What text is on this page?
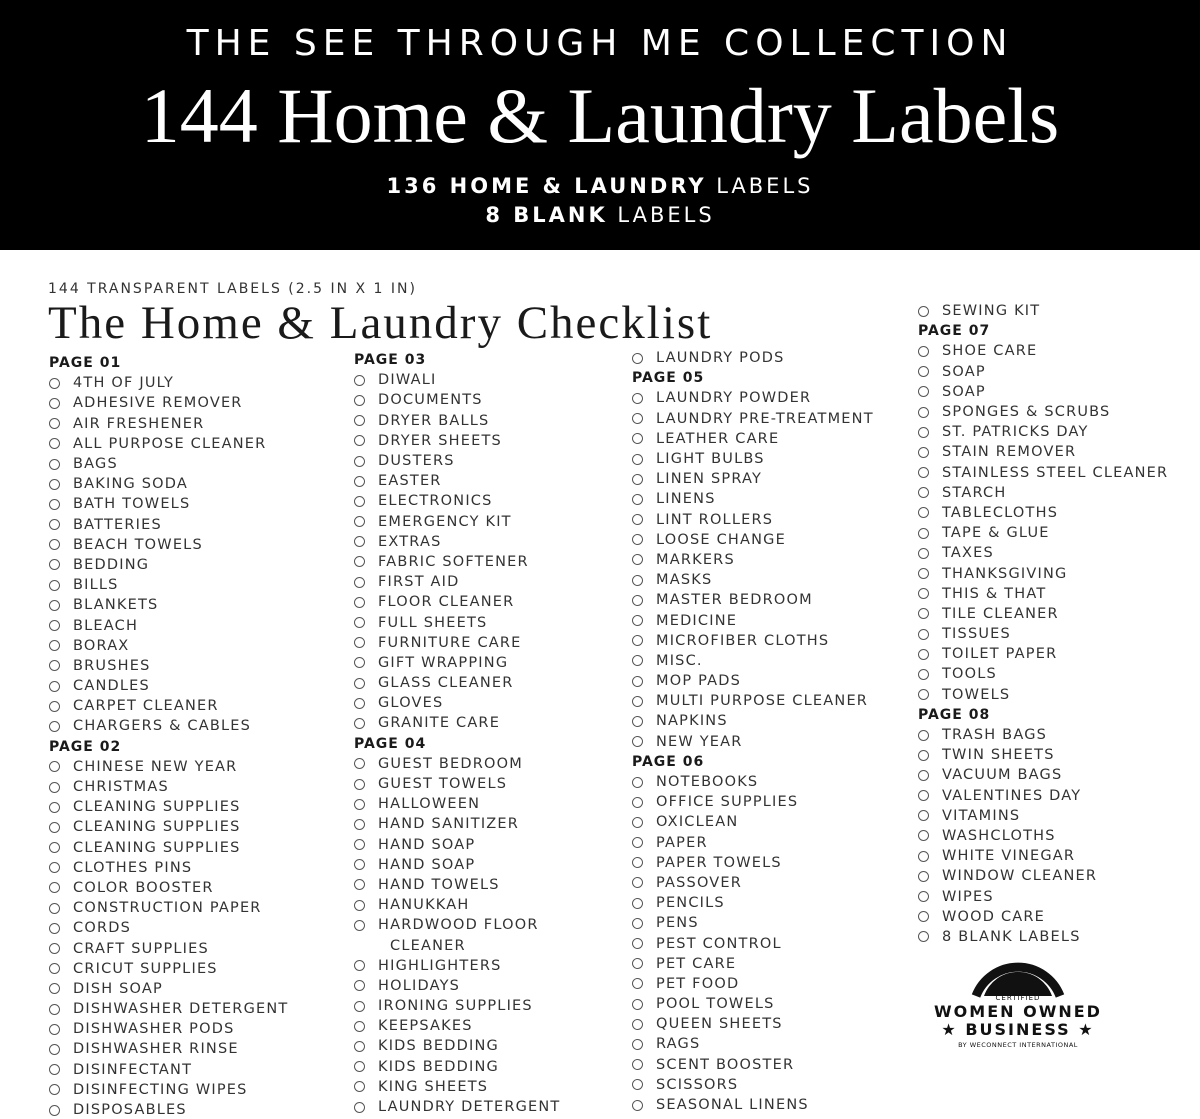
THE SEE THROUGH ME COLLECTION
144 Home & Laundry Labels
136 HOME & LAUNDRY LABELS
8 BLANK LABELS
144 TRANSPARENT LABELS (2.5 IN X 1 IN)
The Home & Laundry Checklist
PAGE 01
4TH OF JULY
ADHESIVE REMOVER
AIR FRESHENER
ALL PURPOSE CLEANER
BAGS
BAKING SODA
BATH TOWELS
BATTERIES
BEACH TOWELS
BEDDING
BILLS
BLANKETS
BLEACH
BORAX
BRUSHES
CANDLES
CARPET CLEANER
CHARGERS & CABLES
PAGE 02
CHINESE NEW YEAR
CHRISTMAS
CLEANING SUPPLIES
CLEANING SUPPLIES
CLEANING SUPPLIES
CLOTHES PINS
COLOR BOOSTER
CONSTRUCTION PAPER
CORDS
CRAFT SUPPLIES
CRICUT SUPPLIES
DISH SOAP
DISHWASHER DETERGENT
DISHWASHER PODS
DISHWASHER RINSE
DISINFECTANT
DISINFECTING WIPES
DISPOSABLES
PAGE 03
DIWALI
DOCUMENTS
DRYER BALLS
DRYER SHEETS
DUSTERS
EASTER
ELECTRONICS
EMERGENCY KIT
EXTRAS
FABRIC SOFTENER
FIRST AID
FLOOR CLEANER
FULL SHEETS
FURNITURE CARE
GIFT WRAPPING
GLASS CLEANER
GLOVES
GRANITE CARE
PAGE 04
GUEST BEDROOM
GUEST TOWELS
HALLOWEEN
HAND SANITIZER
HAND SOAP
HAND SOAP
HAND TOWELS
HANUKKAH
HARDWOOD FLOOR
CLEANER
HIGHLIGHTERS
HOLIDAYS
IRONING SUPPLIES
KEEPSAKES
KIDS BEDDING
KIDS BEDDING
KING SHEETS
LAUNDRY DETERGENT
LAUNDRY PODS
PAGE 05
LAUNDRY POWDER
LAUNDRY PRE-TREATMENT
LEATHER CARE
LIGHT BULBS
LINEN SPRAY
LINENS
LINT ROLLERS
LOOSE CHANGE
MARKERS
MASKS
MASTER BEDROOM
MEDICINE
MICROFIBER CLOTHS
MISC.
MOP PADS
MULTI PURPOSE CLEANER
NAPKINS
NEW YEAR
PAGE 06
NOTEBOOKS
OFFICE SUPPLIES
OXICLEAN
PAPER
PAPER TOWELS
PASSOVER
PENCILS
PENS
PEST CONTROL
PET CARE
PET FOOD
POOL TOWELS
QUEEN SHEETS
RAGS
SCENT BOOSTER
SCISSORS
SEASONAL LINENS
SEWING KIT
PAGE 07
SHOE CARE
SOAP
SOAP
SPONGES & SCRUBS
ST. PATRICKS DAY
STAIN REMOVER
STAINLESS STEEL CLEANER
STARCH
TABLECLOTHS
TAPE & GLUE
TAXES
THANKSGIVING
THIS & THAT
TILE CLEANER
TISSUES
TOILET PAPER
TOOLS
TOWELS
PAGE 08
TRASH BAGS
TWIN SHEETS
VACUUM BAGS
VALENTINES DAY
VITAMINS
WASHCLOTHS
WHITE VINEGAR
WINDOW CLEANER
WIPES
WOOD CARE
8 BLANK LABELS
CERTIFIED
WOMEN OWNED
★ BUSINESS ★
BY WECONNECT INTERNATIONAL
